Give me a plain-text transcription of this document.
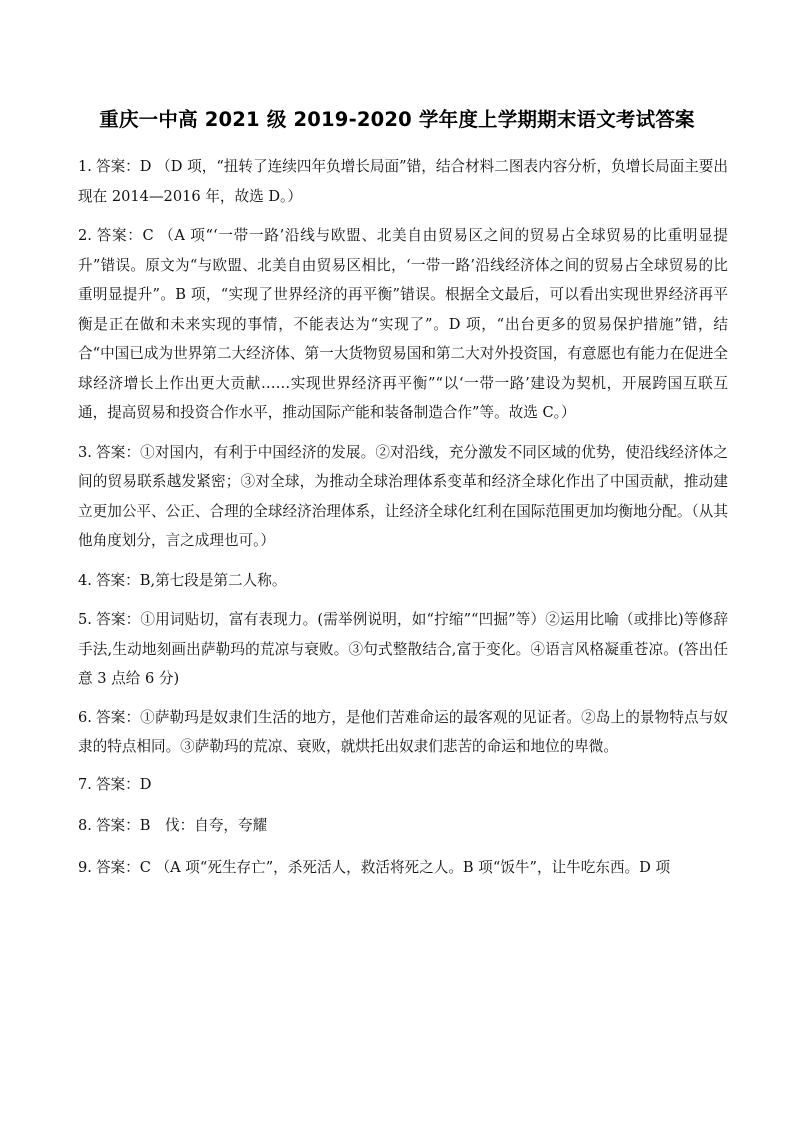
重庆一中高 2021 级 2019-2020 学年度上学期期末语文考试答案
1. 答案：D （D 项，“扭转了连续四年负增长局面”错，结合材料二图表内容分析，负增长局面主要出现在 2014—2016 年，故选 D。）
2. 答案：C （A 项“‘一带一路’沿线与欧盟、北美自由贸易区之间的贸易占全球贸易的比重明显提升”错误。原文为“与欧盟、北美自由贸易区相比，‘一带一路’沿线经济体之间的贸易占全球贸易的比重明显提升”。B 项，“实现了世界经济的再平衡”错误。根据全文最后，可以看出实现世界经济再平衡是正在做和未来实现的事情，不能表达为“实现了”。D 项，“出台更多的贸易保护措施”错，结合“中国已成为世界第二大经济体、第一大货物贸易国和第二大对外投资国，有意愿也有能力在促进全球经济增长上作出更大贡献……实现世界经济再平衡”“以‘一带一路’建设为契机，开展跨国互联互通，提高贸易和投资合作水平，推动国际产能和装备制造合作”等。故选 C。）
3. 答案：①对国内，有利于中国经济的发展。②对沿线，充分激发不同区域的优势，使沿线经济体之间的贸易联系越发紧密；③对全球，为推动全球治理体系变革和经济全球化作出了中国贡献，推动建立更加公平、公正、合理的全球经济治理体系，让经济全球化红利在国际范围更加均衡地分配。（从其他角度划分，言之成理也可。）
4. 答案：B,第七段是第二人称。
5. 答案：①用词贴切，富有表现力。(需举例说明，如“拧缩”“凹掘”等）②运用比喻（或排比)等修辞手法,生动地刻画出萨勒玛的荒凉与衰败。③句式整散结合,富于变化。④语言风格凝重苍凉。(答出任意 3 点给 6 分)
6. 答案：①萨勒玛是奴隶们生活的地方，是他们苦难命运的最客观的见证者。②岛上的景物特点与奴隶的特点相同。③萨勒玛的荒凉、衰败，就烘托出奴隶们悲苦的命运和地位的卑微。
7. 答案：D
8. 答案：B　伐：自夸，夸耀
9. 答案：C （A 项“死生存亡”，杀死活人，救活将死之人。B 项“饭牛”，让牛吃东西。D 项
